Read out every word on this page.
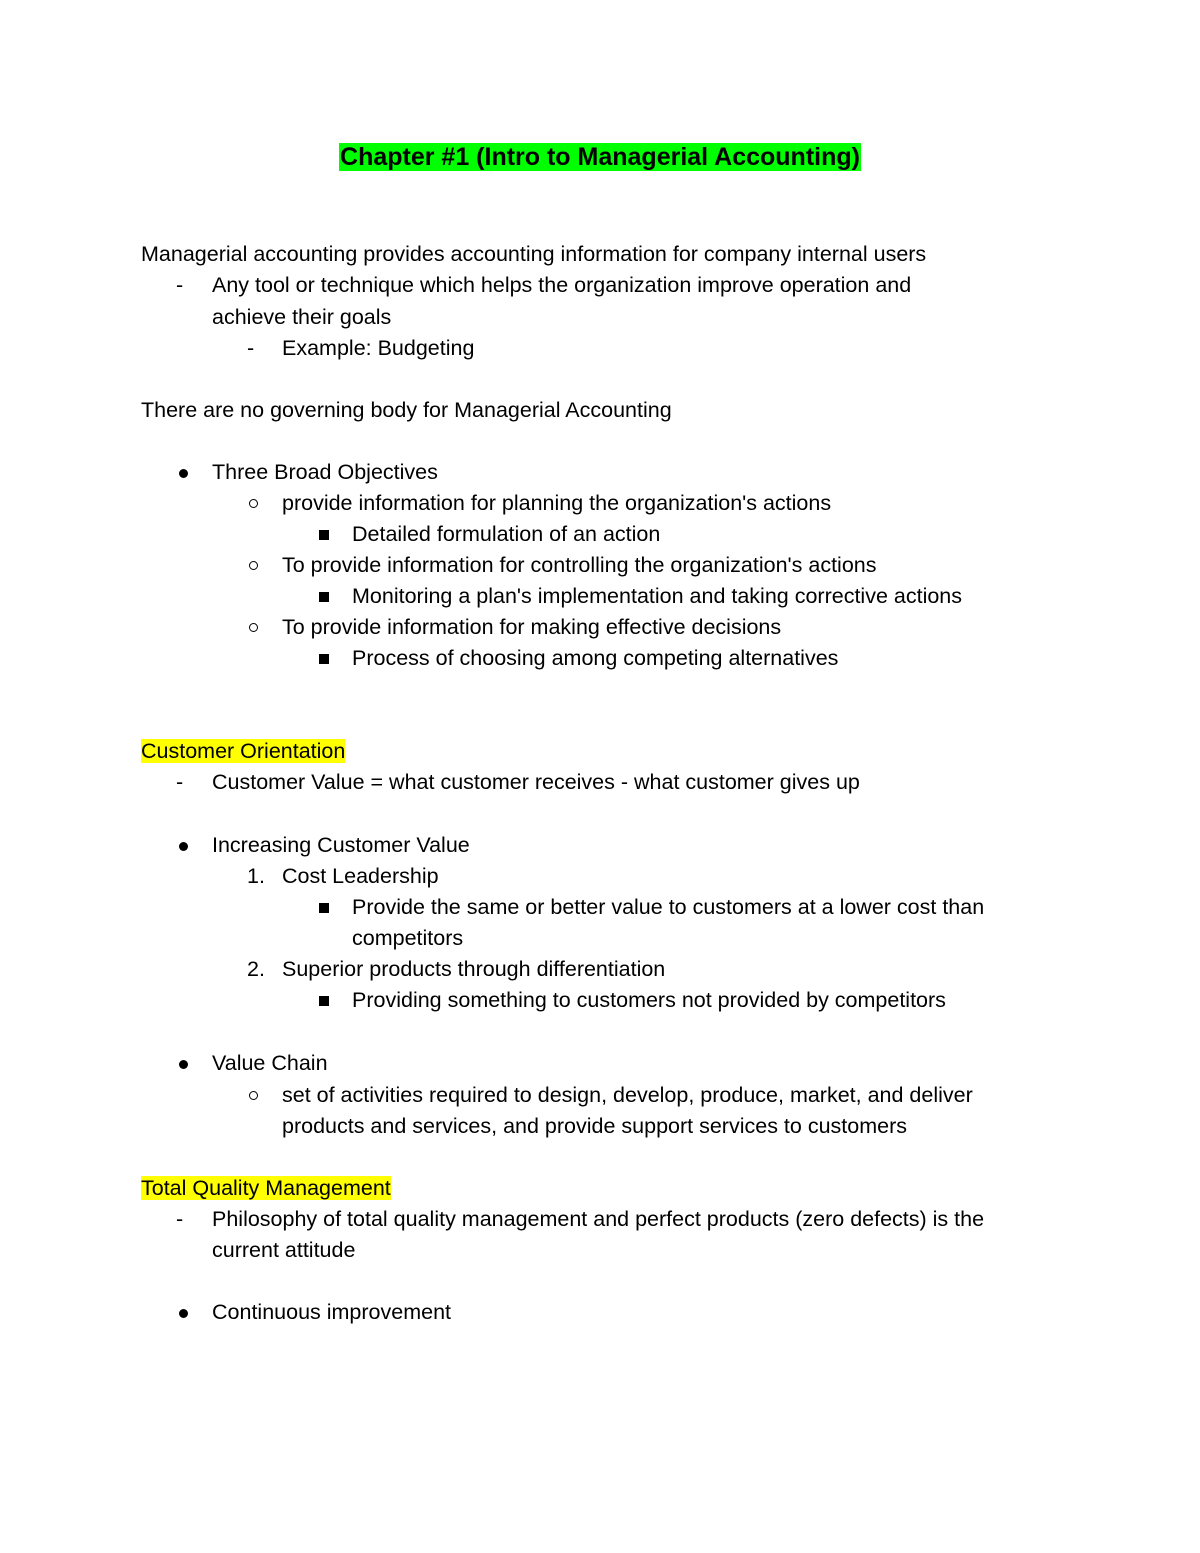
Chapter #1 (Intro to Managerial Accounting)
Managerial accounting provides accounting information for company internal users
- Any tool or technique which helps the organization improve operation and
achieve their goals
- Example: Budgeting
There are no governing body for Managerial Accounting
Three Broad Objectives
provide information for planning the organization's actions
Detailed formulation of an action
To provide information for controlling the organization's actions
Monitoring a plan's implementation and taking corrective actions
To provide information for making effective decisions
Process of choosing among competing alternatives
Customer Orientation
- Customer Value = what customer receives - what customer gives up
Increasing Customer Value
1. Cost Leadership
Provide the same or better value to customers at a lower cost than
competitors
2. Superior products through differentiation
Providing something to customers not provided by competitors
Value Chain
set of activities required to design, develop, produce, market, and deliver
products and services, and provide support services to customers
Total Quality Management
- Philosophy of total quality management and perfect products (zero defects) is the
current attitude
Continuous improvement
